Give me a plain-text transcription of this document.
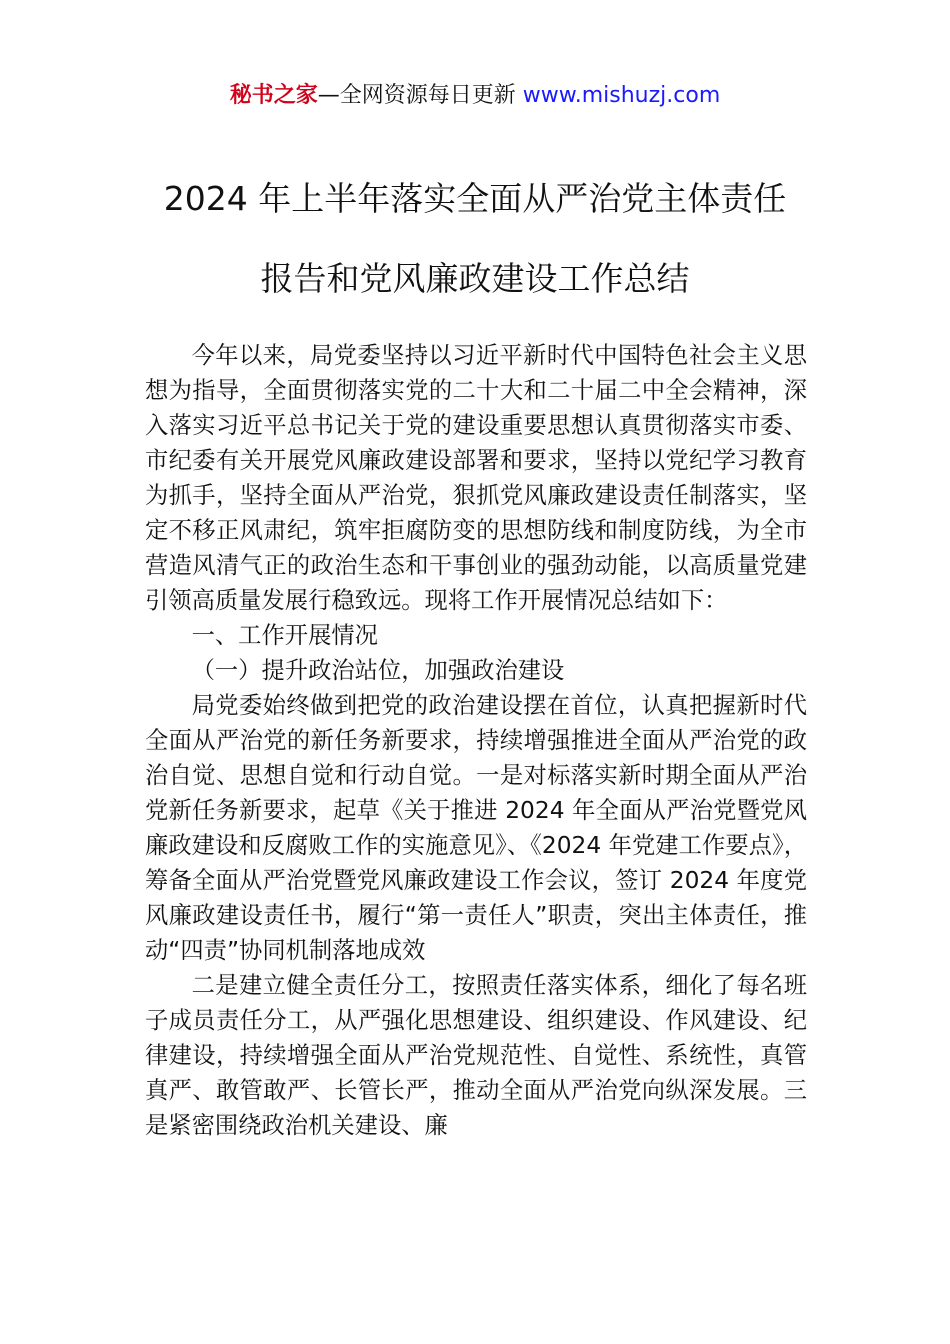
秘书之家—全网资源每日更新 www.mishuzj.com
2024 年上半年落实全面从严治党主体责任
报告和党风廉政建设工作总结

今年以来，局党委坚持以习近平新时代中国特色社会主义思想为指导，全面贯彻落实党的二十大和二十届二中全会精神，深入落实习近平总书记关于党的建设重要思想认真贯彻落实市委、市纪委有关开展党风廉政建设部署和要求，坚持以党纪学习教育为抓手，坚持全面从严治党，狠抓党风廉政建设责任制落实，坚定不移正风肃纪，筑牢拒腐防变的思想防线和制度防线，为全市营造风清气正的政治生态和干事创业的强劲动能，以高质量党建引领高质量发展行稳致远。现将工作开展情况总结如下：

一、工作开展情况

（一）提升政治站位，加强政治建设

局党委始终做到把党的政治建设摆在首位，认真把握新时代全面从严治党的新任务新要求，持续增强推进全面从严治党的政治自觉、思想自觉和行动自觉。一是对标落实新时期全面从严治党新任务新要求，起草《关于推进 2024 年全面从严治党暨党风廉政建设和反腐败工作的实施意见》、《2024 年党建工作要点》，筹备全面从严治党暨党风廉政建设工作会议，签订 2024 年度党风廉政建设责任书，履行“第一责任人”职责，突出主体责任，推动“四责”协同机制落地成效

二是建立健全责任分工，按照责任落实体系，细化了每名班子成员责任分工，从严强化思想建设、组织建设、作风建设、纪律建设，持续增强全面从严治党规范性、自觉性、系统性，真管真严、敢管敢严、长管长严，推动全面从严治党向纵深发展。三是紧密围绕政治机关建设、廉
